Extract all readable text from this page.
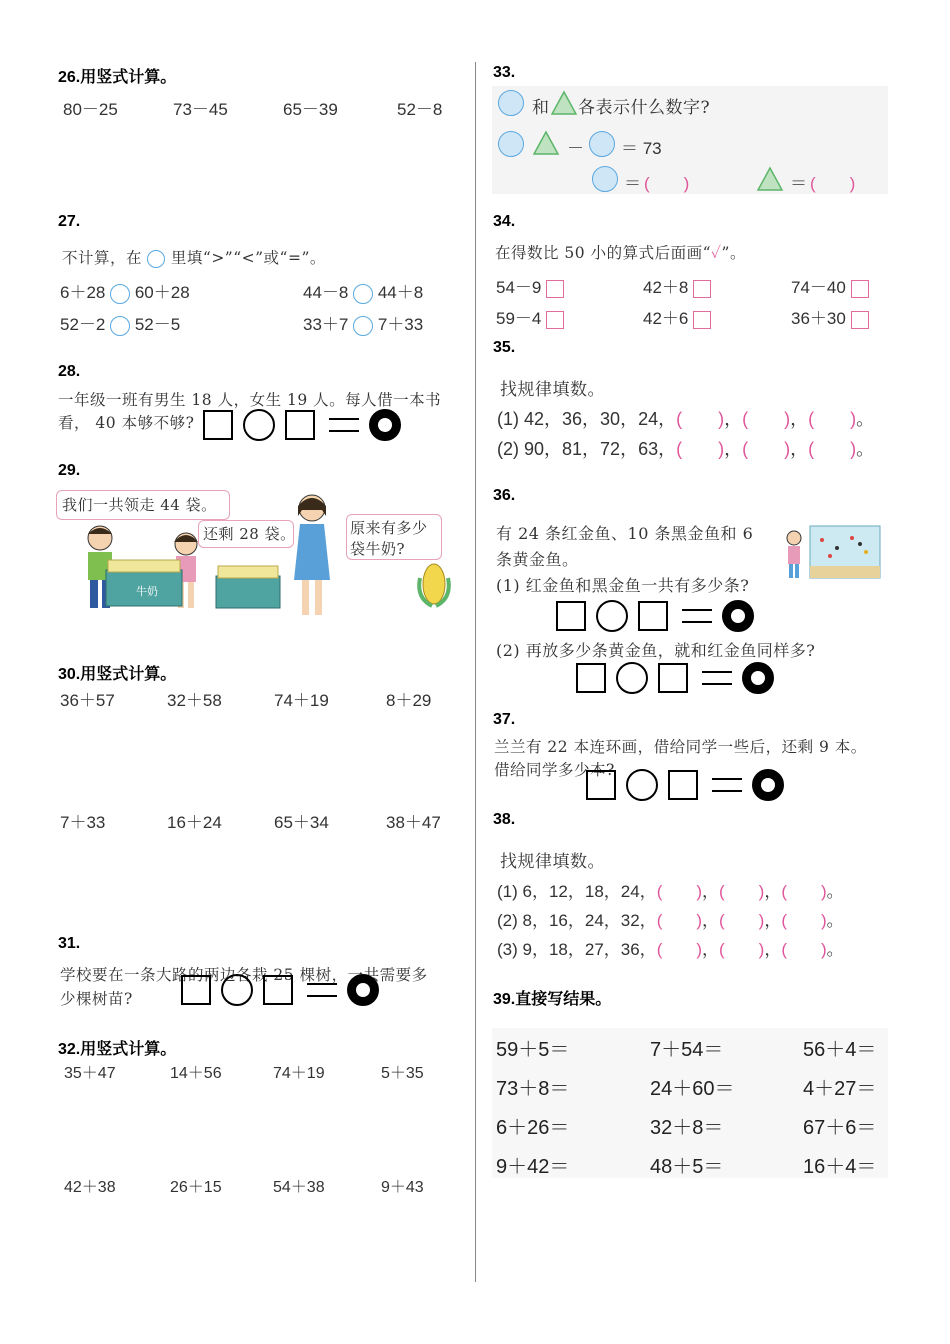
26.用竖式计算。
80－25	73－45	65－39	52－8
27.
不计算，在 里填“>”“<”或“=”。
6＋28 60＋28	44－8 44＋8
52－2 52－5	33＋7 7＋33
28.
一年级一班有男生 18 人，女生 19 人。每人借一本书
看， 40 本够不够?
29.
我们一共领走 44 袋。
牛奶
还剩 28 袋。	原来有多少
袋牛奶?
30.用竖式计算。
36＋57	32＋58	74＋19	8＋29
7＋33	16＋24	65＋34	38＋47
31.
学校要在一条大路的两边各栽 25 棵树，一共需要多
少棵树苗?
32.用竖式计算。
35＋47	14＋56	74＋19	5＋35
42＋38	26＋15	54＋38	9＋43
33.
和 各表示什么数字?
－ ＝ 73
＝ (　　)	＝ (　　)
34.
在得数比 50 小的算式后面画“✓”。
54－9	42＋8	74－40
59－4	42＋6	36＋30
35.
找规律填数。
(1) 42，36，30，24，(　　)，(　　)，(　　)。
(2) 90，81，72，63，(　　)，(　　)，(　　)。
36.
有 24 条红金鱼、10 条黑金鱼和 6
条黄金鱼。
(1) 红金鱼和黑金鱼一共有多少条?
(2) 再放多少条黄金鱼，就和红金鱼同样多?
37.
兰兰有 22 本连环画，借给同学一些后，还剩 9 本。
借给同学多少本?
38.
找规律填数。
(1) 6，12，18，24，(　　)，(　　)，(　　)。
(2) 8，16，24，32，(　　)，(　　)，(　　)。
(3) 9，18，27，36，(　　)，(　　)，(　　)。
39.直接写结果。
59＋5＝	7＋54＝	56＋4＝
73＋8＝	24＋60＝	4＋27＝
6＋26＝	32＋8＝	67＋6＝
9＋42＝	48＋5＝	16＋4＝
